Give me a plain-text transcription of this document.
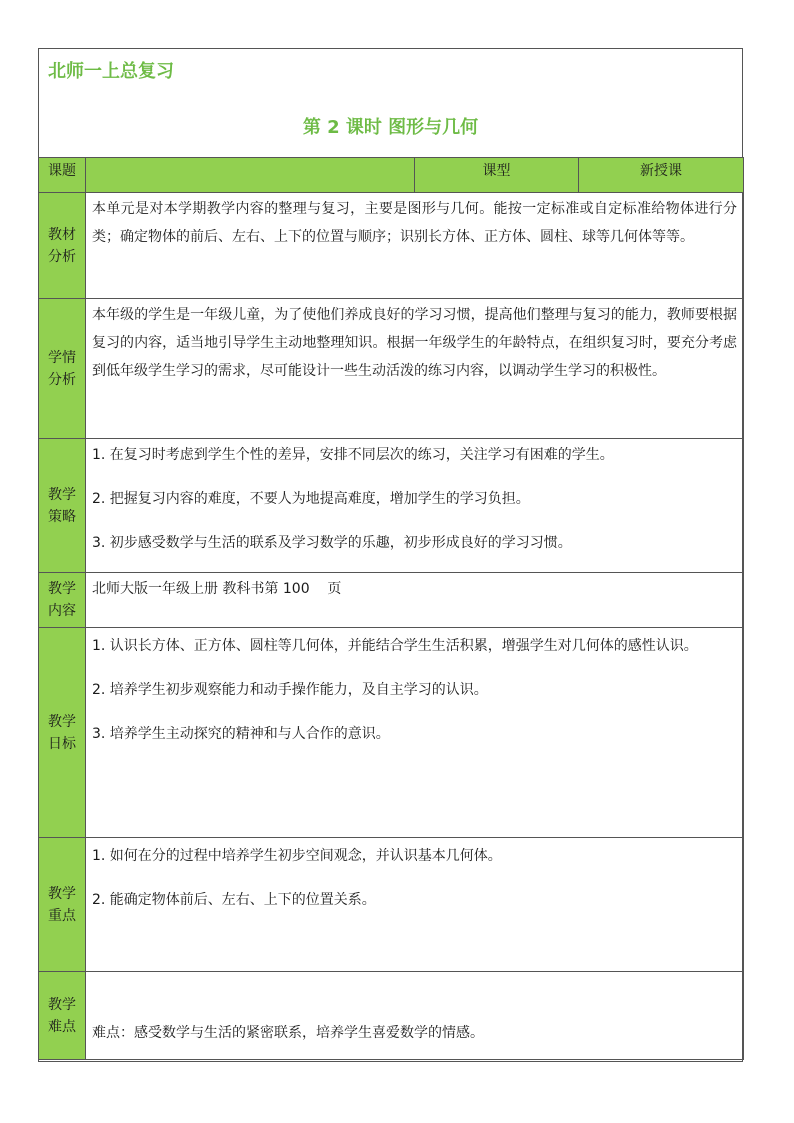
北师一上总复习
第 2 课时 图形与几何
课题		课型	新授课

教材分析	本单元是对本学期教学内容的整理与复习，主要是图形与几何。能按一定标准或自定标准给物体进行分类；确定物体的前后、左右、上下的位置与顺序；识别长方体、正方体、圆柱、球等几何体等等。		

学情分析	本年级的学生是一年级儿童，为了使他们养成良好的学习习惯，提高他们整理与复习的能力，教师要根据复习的内容，适当地引导学生主动地整理知识。根据一年级学生的年龄特点，在组织复习时，要充分考虑到低年级学生学习的需求，尽可能设计一些生动活泼的练习内容，以调动学生学习的积极性。		

教学策略	1. 在复习时考虑到学生个性的差异，安排不同层次的练习，关注学习有困难的学生。

2. 把握复习内容的难度，不要人为地提高难度，增加学生的学习负担。

3. 初步感受数学与生活的联系及学习数学的乐趣，初步形成良好的学习习惯。		

教学内容	北师大版一年级上册 教科书第 100    页		

教学日标	1. 认识长方体、正方体、圆柱等几何体，并能结合学生生活积累，增强学生对几何体的感性认识。

2. 培养学生初步观察能力和动手操作能力，及自主学习的认识。

3. 培养学生主动探究的精神和与人合作的意识。		

教学重点	1. 如何在分的过程中培养学生初步空间观念，并认识基本几何体。

2. 能确定物体前后、左右、上下的位置关系。		

教学难点	难点：感受数学与生活的紧密联系，培养学生喜爱数学的情感。		
